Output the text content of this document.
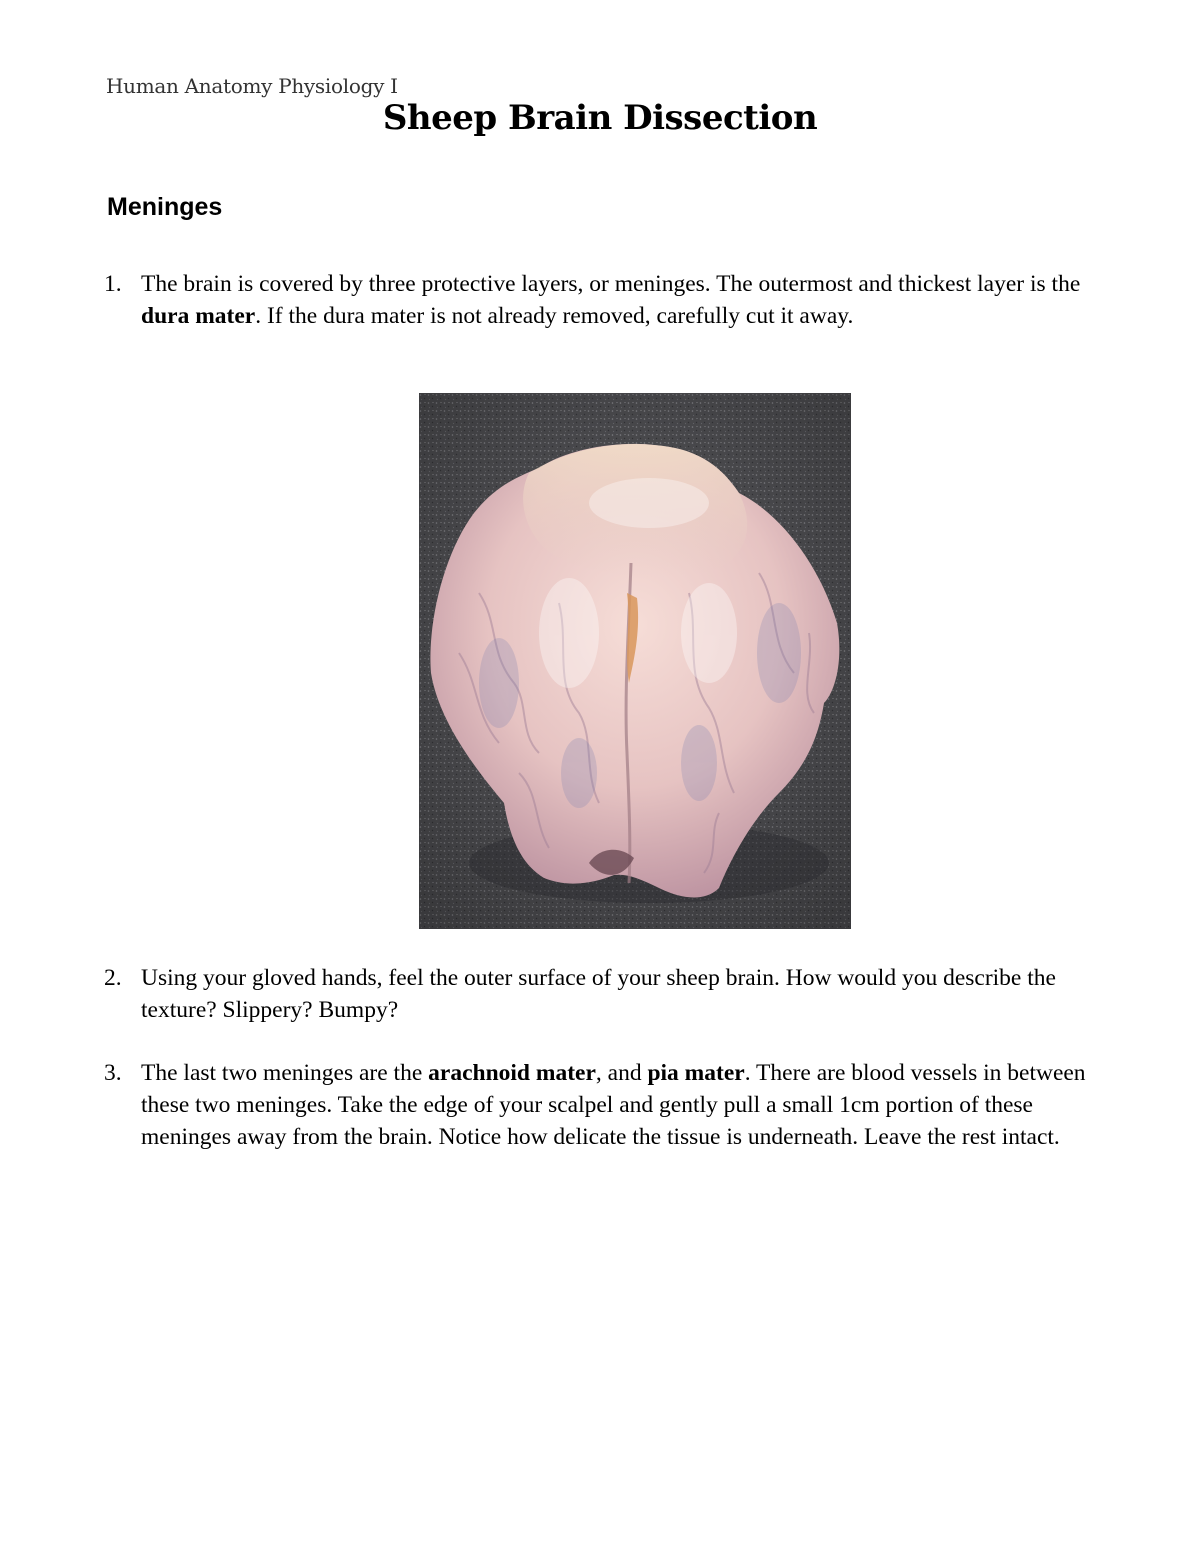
Human Anatomy Physiology I
Sheep Brain Dissection
Meninges
1. The brain is covered by three protective layers, or meninges. The outermost and thickest layer is the dura mater. If the dura mater is not already removed, carefully cut it away.
2. Using your gloved hands, feel the outer surface of your sheep brain. How would you describe the texture? Slippery? Bumpy?
3. The last two meninges are the arachnoid mater, and pia mater. There are blood vessels in between these two meninges. Take the edge of your scalpel and gently pull a small 1cm portion of these meninges away from the brain. Notice how delicate the tissue is underneath. Leave the rest intact.
